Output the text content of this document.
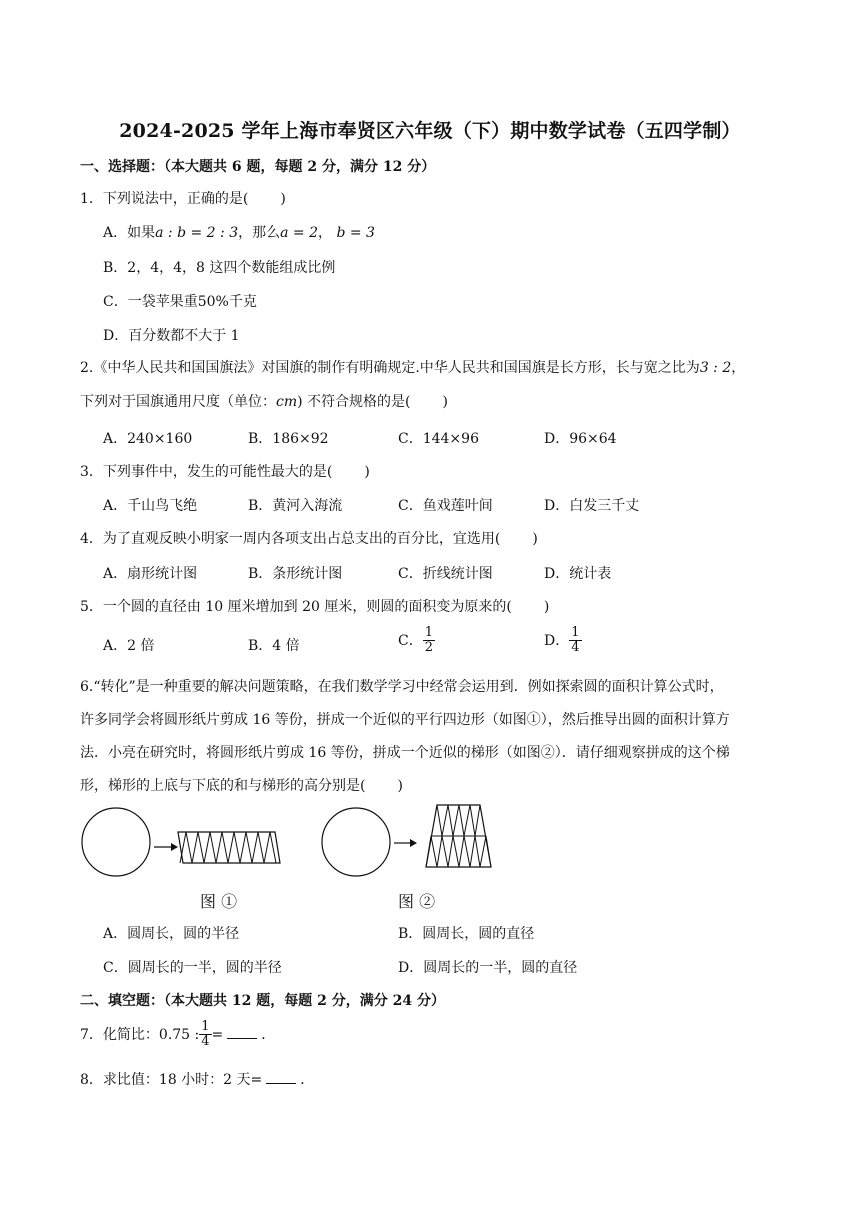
2024-2025 学年上海市奉贤区六年级（下）期中数学试卷（五四学制）
一、选择题：（本大题共 6 题，每题 2 分，满分 12 分）
1．下列说法中，正确的是( )
A．如果a : b = 2 : 3，那么a = 2， b = 3
B．2，4，4，8 这四个数能组成比例
C．一袋苹果重50%千克
D．百分数都不大于 1
2.《中华人民共和国国旗法》对国旗的制作有明确规定.中华人民共和国国旗是长方形，长与宽之比为3 : 2，
下列对于国旗通用尺度（单位：cm) 不符合规格的是( )
A．240×160	B．186×92	C．144×96	D．96×64
3．下列事件中，发生的可能性最大的是( )
A．千山鸟飞绝	B．黄河入海流	C．鱼戏莲叶间	D．白发三千丈
4．为了直观反映小明家一周内各项支出占总支出的百分比，宜选用( )
A．扇形统计图	B．条形统计图	C．折线统计图	D．统计表
5．一个圆的直径由 10 厘米增加到 20 厘米，则圆的面积变为原来的( )
A．2 倍	B．4 倍	C． $\frac{1}{2}$	D． $\frac{1}{4}$
6.“转化”是一种重要的解决问题策略，在我们数学学习中经常会运用到．例如探索圆的面积计算公式时，
许多同学会将圆形纸片剪成 16 等份，拼成一个近似的平行四边形（如图①），然后推导出圆的面积计算方
法．小亮在研究时，将圆形纸片剪成 16 等份，拼成一个近似的梯形（如图②）．请仔细观察拼成的这个梯
形，梯形的上底与下底的和与梯形的高分别是( )
图 ①	图 ②
A．圆周长，圆的半径	B．圆周长，圆的直径
C．圆周长的一半，圆的半径	D．圆周长的一半，圆的直径
二、填空题：（本大题共 12 题，每题 2 分，满分 24 分）
7．化简比：0.75 : $\frac{1}{4}$ =	．
8．求比值：18 小时：2 天=	．
